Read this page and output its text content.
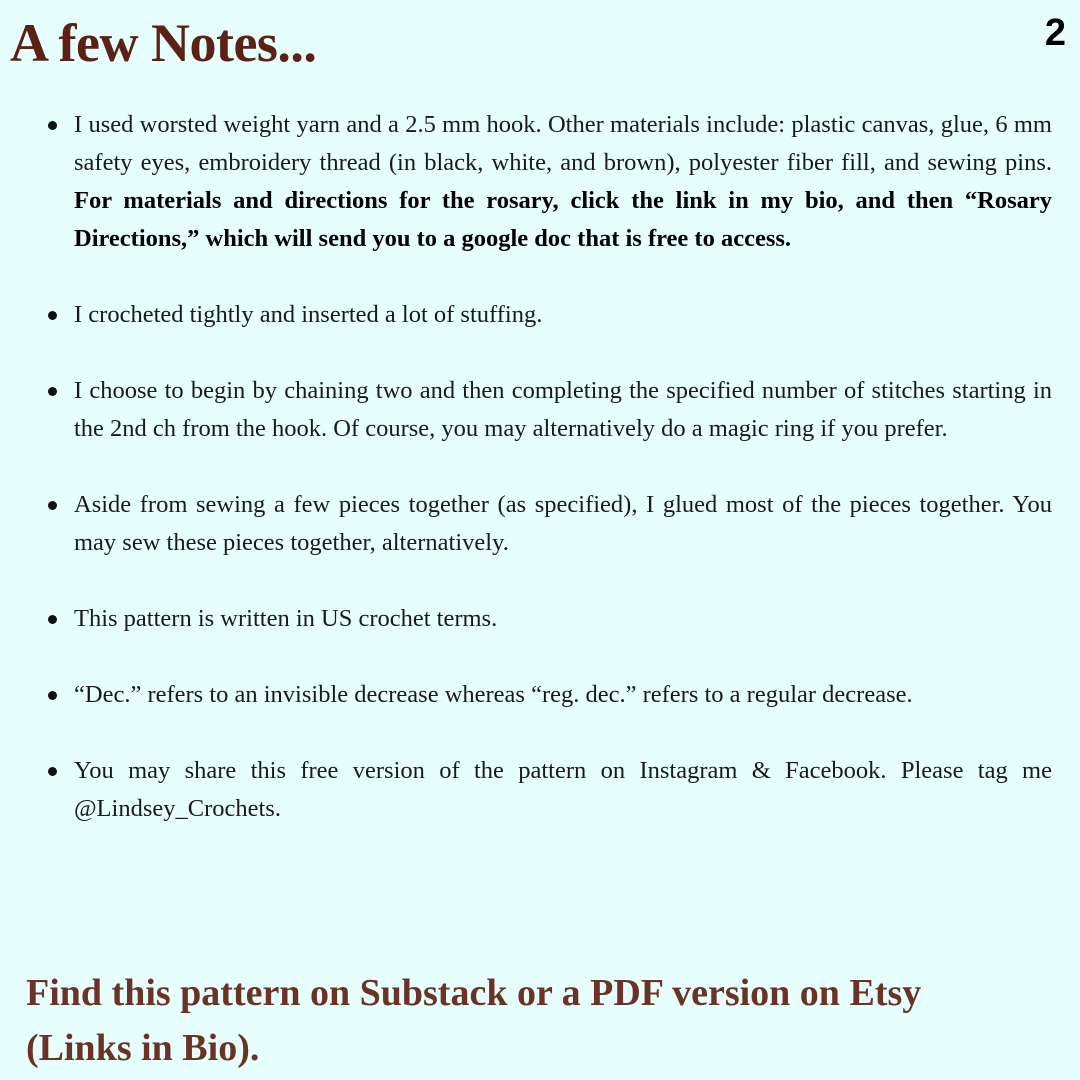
A few Notes...	2
I used worsted weight yarn and a 2.5 mm hook. Other materials include: plastic canvas, glue, 6 mm safety eyes, embroidery thread (in black, white, and brown), polyester fiber fill, and sewing pins. For materials and directions for the rosary, click the link in my bio, and then “Rosary Directions,” which will send you to a google doc that is free to access.
I crocheted tightly and inserted a lot of stuffing.
I choose to begin by chaining two and then completing the specified number of stitches starting in the 2nd ch from the hook. Of course, you may alternatively do a magic ring if you prefer.
Aside from sewing a few pieces together (as specified), I glued most of the pieces together. You may sew these pieces together, alternatively.
This pattern is written in US crochet terms.
“Dec.” refers to an invisible decrease whereas “reg. dec.” refers to a regular decrease.
You may share this free version of the pattern on Instagram & Facebook. Please tag me @Lindsey_Crochets.

Find this pattern on Substack or a PDF version on Etsy (Links in Bio).
